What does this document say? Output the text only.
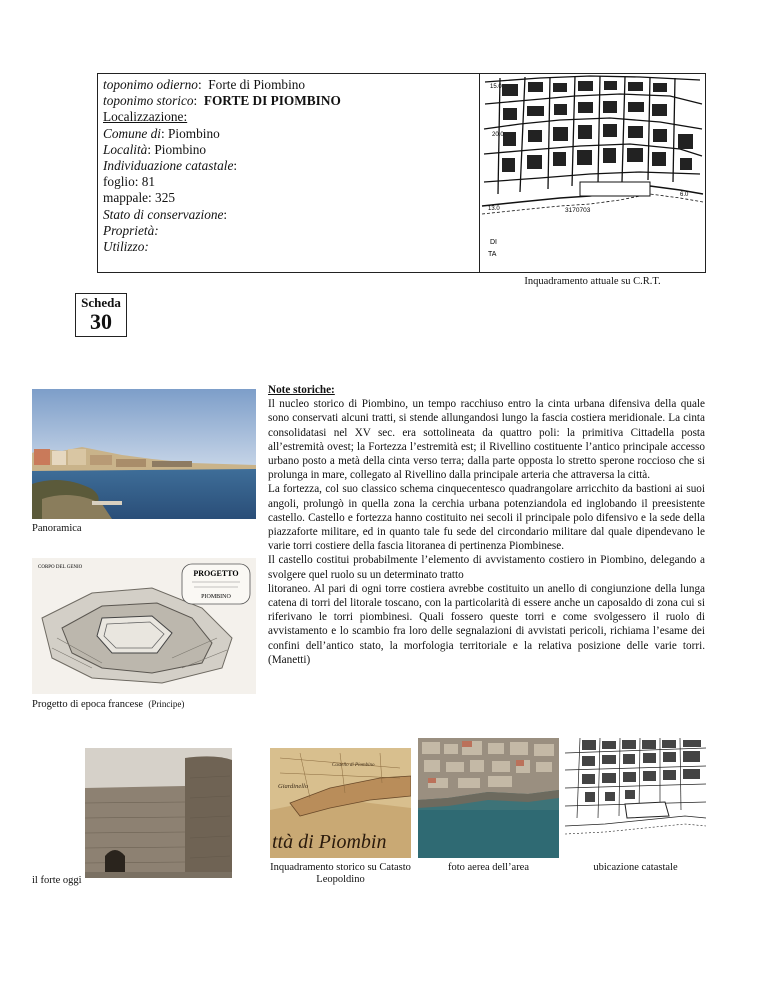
toponimo odierno:  Forte di Piombino
toponimo storico:  FORTE DI PIOMBINO
Localizzazione:
Comune di: Piombino
Località: Piombino
Individuazione catastale:
foglio: 81
mappale: 325
Stato di conservazione:
Proprietà:
Utilizzo:
15.0
20.0
13.0	3170703
6.0
DI
TA
Inquadramento attuale su C.R.T.
Scheda
30
Panoramica
PROGETTO
PIOMBINO
CORPO DEL GENIO
Progetto di epoca francese (Principe)

Note storiche:

Il nucleo storico di Piombino, un tempo racchiuso entro la cinta urbana difensiva della quale sono conservati alcuni tratti, si stende allungandosi lungo la fascia costiera meridionale. La cinta consolidatasi nel XV sec. era sottolineata da quattro poli: la primitiva Cittadella posta all’estremità ovest; la Fortezza l’estremità est; il Rivellino costituente l’antico principale accesso urbano posto a metà della cinta verso terra; dalla parte opposta lo stretto sperone roccioso che si prolunga in mare, collegato al Rivellino dalla principale arteria che attraversa la città.

La fortezza, col suo classico schema cinquecentesco quadrangolare arricchito da bastioni ai suoi angoli, prolungò in quella zona la cerchia urbana potenziandola ed inglobando il preesistente castello. Castello e fortezza hanno costituito nei secoli il principale polo difensivo e la sede della piazzaforte militare, ed in quanto tale fu sede del circondario militare dal quale dipendevano le varie torri costiere della fascia litoranea di pertinenza Piombinese.

Il castello costitui probabilmente l’elemento di avvistamento costiero in Piombino, delegando a svolgere quel ruolo su un determinato tratto

litoraneo. Al pari di ogni torre costiera avrebbe costituito un anello di congiunzione della lunga catena di torri del litorale toscano, con la particolarità di essere anche un caposaldo di zona cui si riferivano le torri piombinesi. Quali fossero queste torri e come svolgessero il ruolo di avvistamento e lo scambio fra loro delle segnalazioni di avvistati pericoli, richiama l’esame dei confini dell’antico stato, la morfologia territoriale e la relativa posizione delle varie torri. (Manetti)

il forte oggi
Giardinello
Castello di Piombino
ttà di Piombin
Inquadramento storico su Catasto Leopoldino
foto aerea dell’area	ubicazione catastale
